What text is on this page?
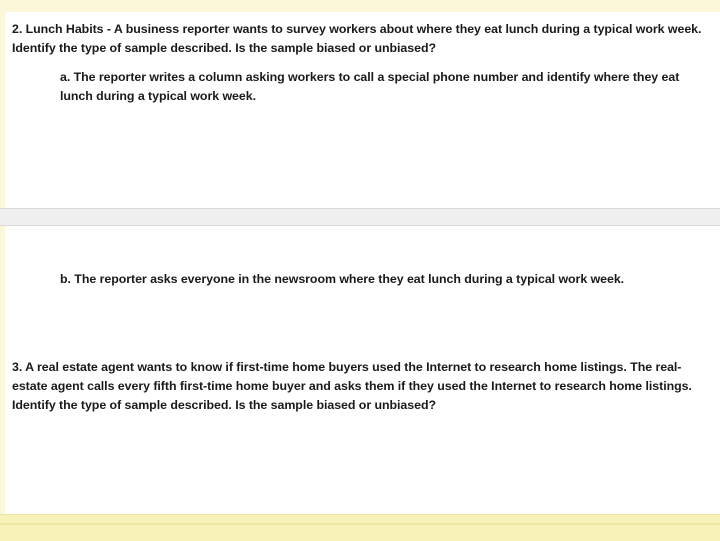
2. Lunch Habits - A business reporter wants to survey workers about where they eat lunch during a typical work week. Identify the type of sample described. Is the sample biased or unbiased?

a. The reporter writes a column asking workers to call a special phone number and identify where they eat lunch during a typical work week.

b. The reporter asks everyone in the newsroom where they eat lunch during a typical work week.

3. A real estate agent wants to know if first-time home buyers used the Internet to research home listings. The real-estate agent calls every fifth first-time home buyer and asks them if they used the Internet to research home listings. Identify the type of sample described. Is the sample biased or unbiased?
